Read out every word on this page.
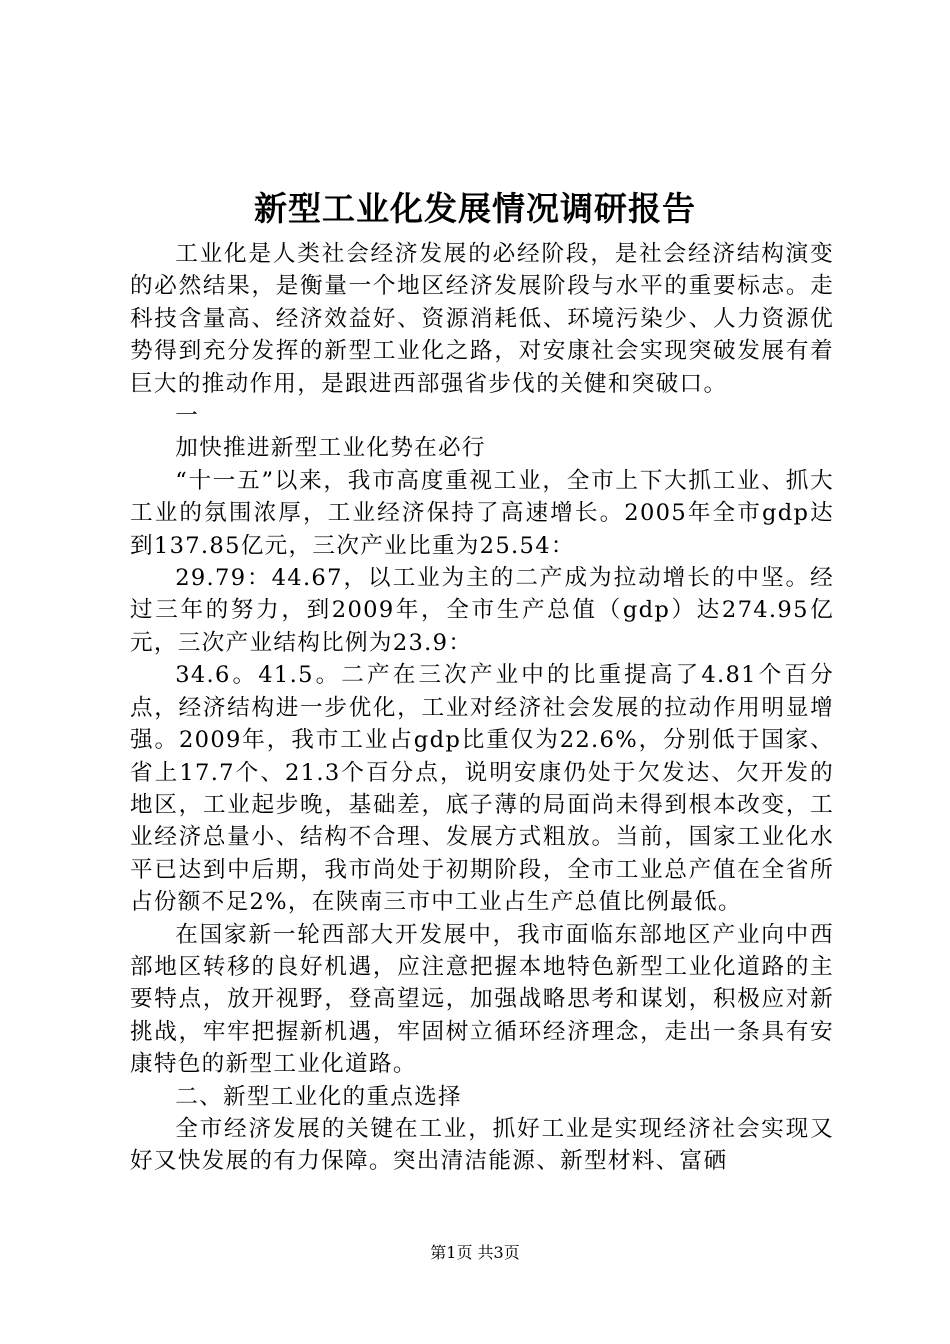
新型工业化发展情况调研报告

工业化是人类社会经济发展的必经阶段，是社会经济结构演变的必然结果，是衡量一个地区经济发展阶段与水平的重要标志。走科技含量高、经济效益好、资源消耗低、环境污染少、人力资源优势得到充分发挥的新型工业化之路，对安康社会实现突破发展有着巨大的推动作用，是跟进西部强省步伐的关健和突破口。

一

加快推进新型工业化势在必行

“十一五”以来，我市高度重视工业，全市上下大抓工业、抓大工业的氛围浓厚，工业经济保持了高速增长。2005年全市gdp达到137.85亿元，三次产业比重为25.54：

29.79：44.67，以工业为主的二产成为拉动增长的中坚。经过三年的努力，到2009年，全市生产总值（gdp）达274.95亿元，三次产业结构比例为23.9：

34.6。41.5。二产在三次产业中的比重提高了4.81个百分点，经济结构进一步优化，工业对经济社会发展的拉动作用明显增强。2009年，我市工业占gdp比重仅为22.6%，分别低于国家、省上17.7个、21.3个百分点，说明安康仍处于欠发达、欠开发的地区，工业起步晚，基础差，底子薄的局面尚未得到根本改变，工业经济总量小、结构不合理、发展方式粗放。当前，国家工业化水平已达到中后期，我市尚处于初期阶段，全市工业总产值在全省所占份额不足2%，在陕南三市中工业占生产总值比例最低。

在国家新一轮西部大开发展中，我市面临东部地区产业向中西部地区转移的良好机遇，应注意把握本地特色新型工业化道路的主要特点，放开视野，登高望远，加强战略思考和谋划，积极应对新挑战，牢牢把握新机遇，牢固树立循环经济理念，走出一条具有安康特色的新型工业化道路。

二、新型工业化的重点选择

全市经济发展的关键在工业，抓好工业是实现经济社会实现又好又快发展的有力保障。突出清洁能源、新型材料、富硒

第1页 共3页
